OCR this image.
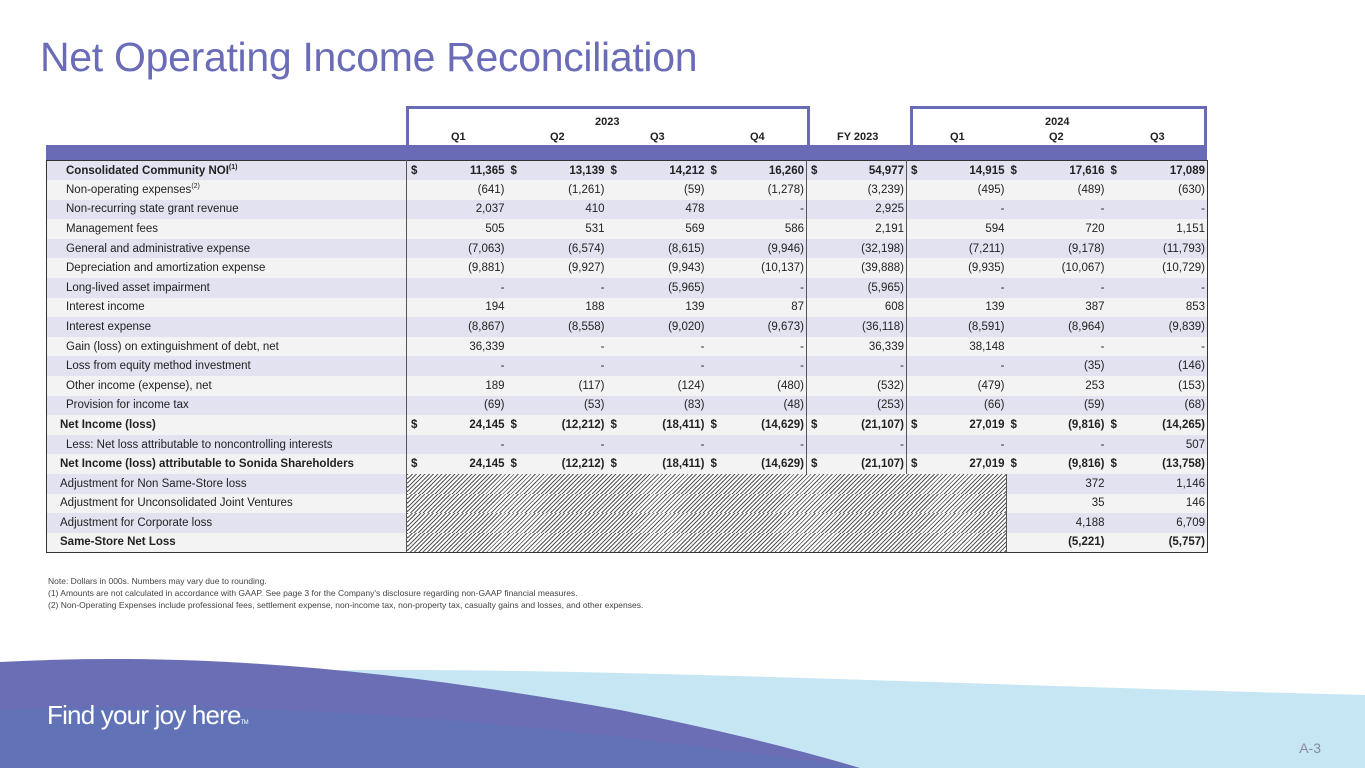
Net Operating Income Reconciliation
2023	2024
Q1	Q2	Q3	Q4	FY 2023	Q1	Q2	Q3
Consolidated Community NOI$^{(1)}$	$	11,365	$	13,139	$	14,212	$	16,260	$	54,977	$	14,915	$	17,616	$	17,089
Non-operating expenses$^{(2)}$		(641)		(1,261)		(59)		(1,278)		(3,239)		(495)		(489)		(630)
Non-recurring state grant revenue		2,037		410		478		-		2,925		-		-		-
Management fees		505		531		569		586		2,191		594		720		1,151
General and administrative expense		(7,063)		(6,574)		(8,615)		(9,946)		(32,198)		(7,211)		(9,178)		(11,793)
Depreciation and amortization expense		(9,881)		(9,927)		(9,943)		(10,137)		(39,888)		(9,935)		(10,067)		(10,729)
Long-lived asset impairment		-		-		(5,965)		-		(5,965)		-		-		-
Interest income		194		188		139		87		608		139		387		853
Interest expense		(8,867)		(8,558)		(9,020)		(9,673)		(36,118)		(8,591)		(8,964)		(9,839)
Gain (loss) on extinguishment of debt, net		36,339		-		-		-		36,339		38,148		-		-
Loss from equity method investment		-		-		-		-		-		-		(35)		(146)
Other income (expense), net		189		(117)		(124)		(480)		(532)		(479)		253		(153)
Provision for income tax		(69)		(53)		(83)		(48)		(253)		(66)		(59)		(68)
Net Income (loss)	$	24,145	$	(12,212)	$	(18,411)	$	(14,629)	$	(21,107)	$	27,019	$	(9,816)	$	(14,265)
Less: Net loss attributable to noncontrolling interests		-		-		-		-		-		-		-		507
Net Income (loss) attributable to Sonida Shareholders	$	24,145	$	(12,212)	$	(18,411)	$	(14,629)	$	(21,107)	$	27,019	$	(9,816)	$	(13,758)
Adjustment for Non Same-Store loss														372		1,146
Adjustment for Unconsolidated Joint Ventures														35		146
Adjustment for Corporate loss														4,188		6,709
Same-Store Net Loss														(5,221)		(5,757)
Note: Dollars in 000s. Numbers may vary due to rounding.
(1) Amounts are not calculated in accordance with GAAP. See page 3 for the Company's disclosure regarding non-GAAP financial measures.
(2) Non-Operating Expenses include professional fees, settlement expense, non-income tax, non-property tax, casualty gains and losses, and other expenses.
Find your joy hereTM
A-3
